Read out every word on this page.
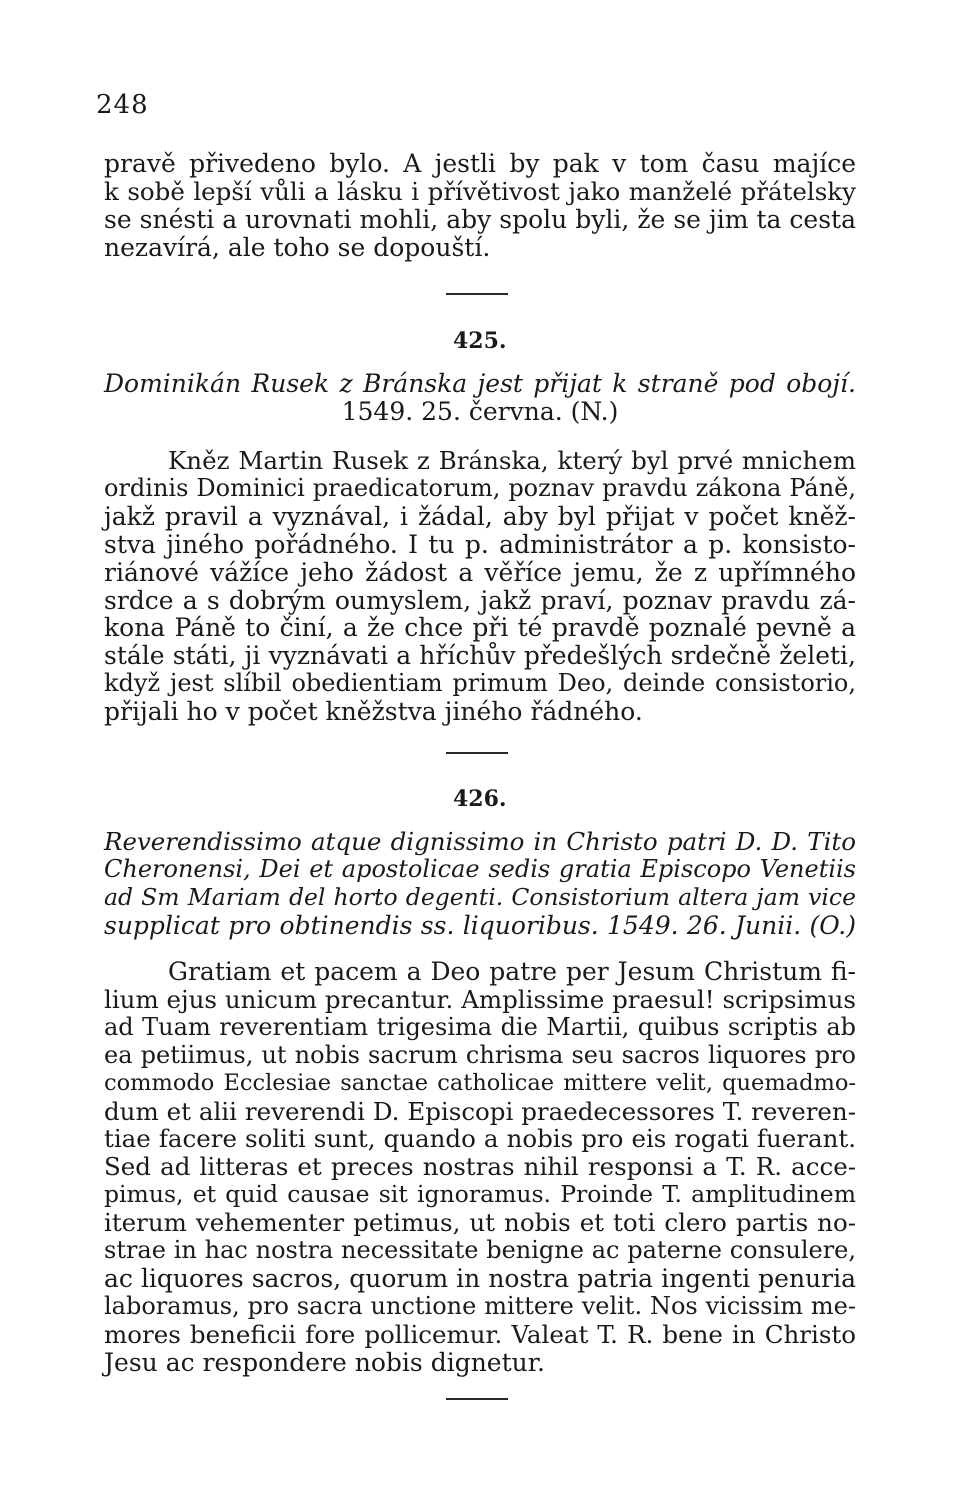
248
pravě přivedeno bylo. A jestli by pak v tom času majíce
k sobě lepší vůli a lásku i přívětivost jako manželé přátelsky
se snésti a urovnati mohli, aby spolu byli, že se jim ta cesta
nezavírá, ale toho se dopouští.
425.
Dominikán Rusek z Bránska jest přijat k straně pod obojí.
1549. 25. června. (N.)
Kněz Martin Rusek z Bránska, který byl prvé mnichem
ordinis Dominici praedicatorum, poznav pravdu zákona Páně,
jakž pravil a vyznával, i žádal, aby byl přijat v počet kněž-
stva jiného pořádného. I tu p. administrátor a p. konsisto-
riánové vážíce jeho žádost a věříce jemu, že z upřímného
srdce a s dobrým oumyslem, jakž praví, poznav pravdu zá-
kona Páně to činí, a že chce při té pravdě poznalé pevně a
stále státi, ji vyznávati a hříchův předešlých srdečně želeti,
když jest slíbil obedientiam primum Deo, deinde consistorio,
přijali ho v počet kněžstva jiného řádného.
426.
Reverendissimo atque dignissimo in Christo patri D. D. Tito
Cheronensi, Dei et apostolicae sedis gratia Episcopo Venetiis
ad Sm Mariam del horto degenti. Consistorium altera jam vice
supplicat pro obtinendis ss. liquoribus. 1549. 26. Junii. (O.)
Gratiam et pacem a Deo patre per Jesum Christum fi-
lium ejus unicum precantur. Amplissime praesul! scripsimus
ad Tuam reverentiam trigesima die Martii, quibus scriptis ab
ea petiimus, ut nobis sacrum chrisma seu sacros liquores pro
commodo Ecclesiae sanctae catholicae mittere velit, quemadmo-
dum et alii reverendi D. Episcopi praedecessores T. reveren-
tiae facere soliti sunt, quando a nobis pro eis rogati fuerant.
Sed ad litteras et preces nostras nihil responsi a T. R. acce-
pimus, et quid causae sit ignoramus. Proinde T. amplitudinem
iterum vehementer petimus, ut nobis et toti clero partis no-
strae in hac nostra necessitate benigne ac paterne consulere,
ac liquores sacros, quorum in nostra patria ingenti penuria
laboramus, pro sacra unctione mittere velit. Nos vicissim me-
mores beneficii fore pollicemur. Valeat T. R. bene in Christo
Jesu ac respondere nobis dignetur.
